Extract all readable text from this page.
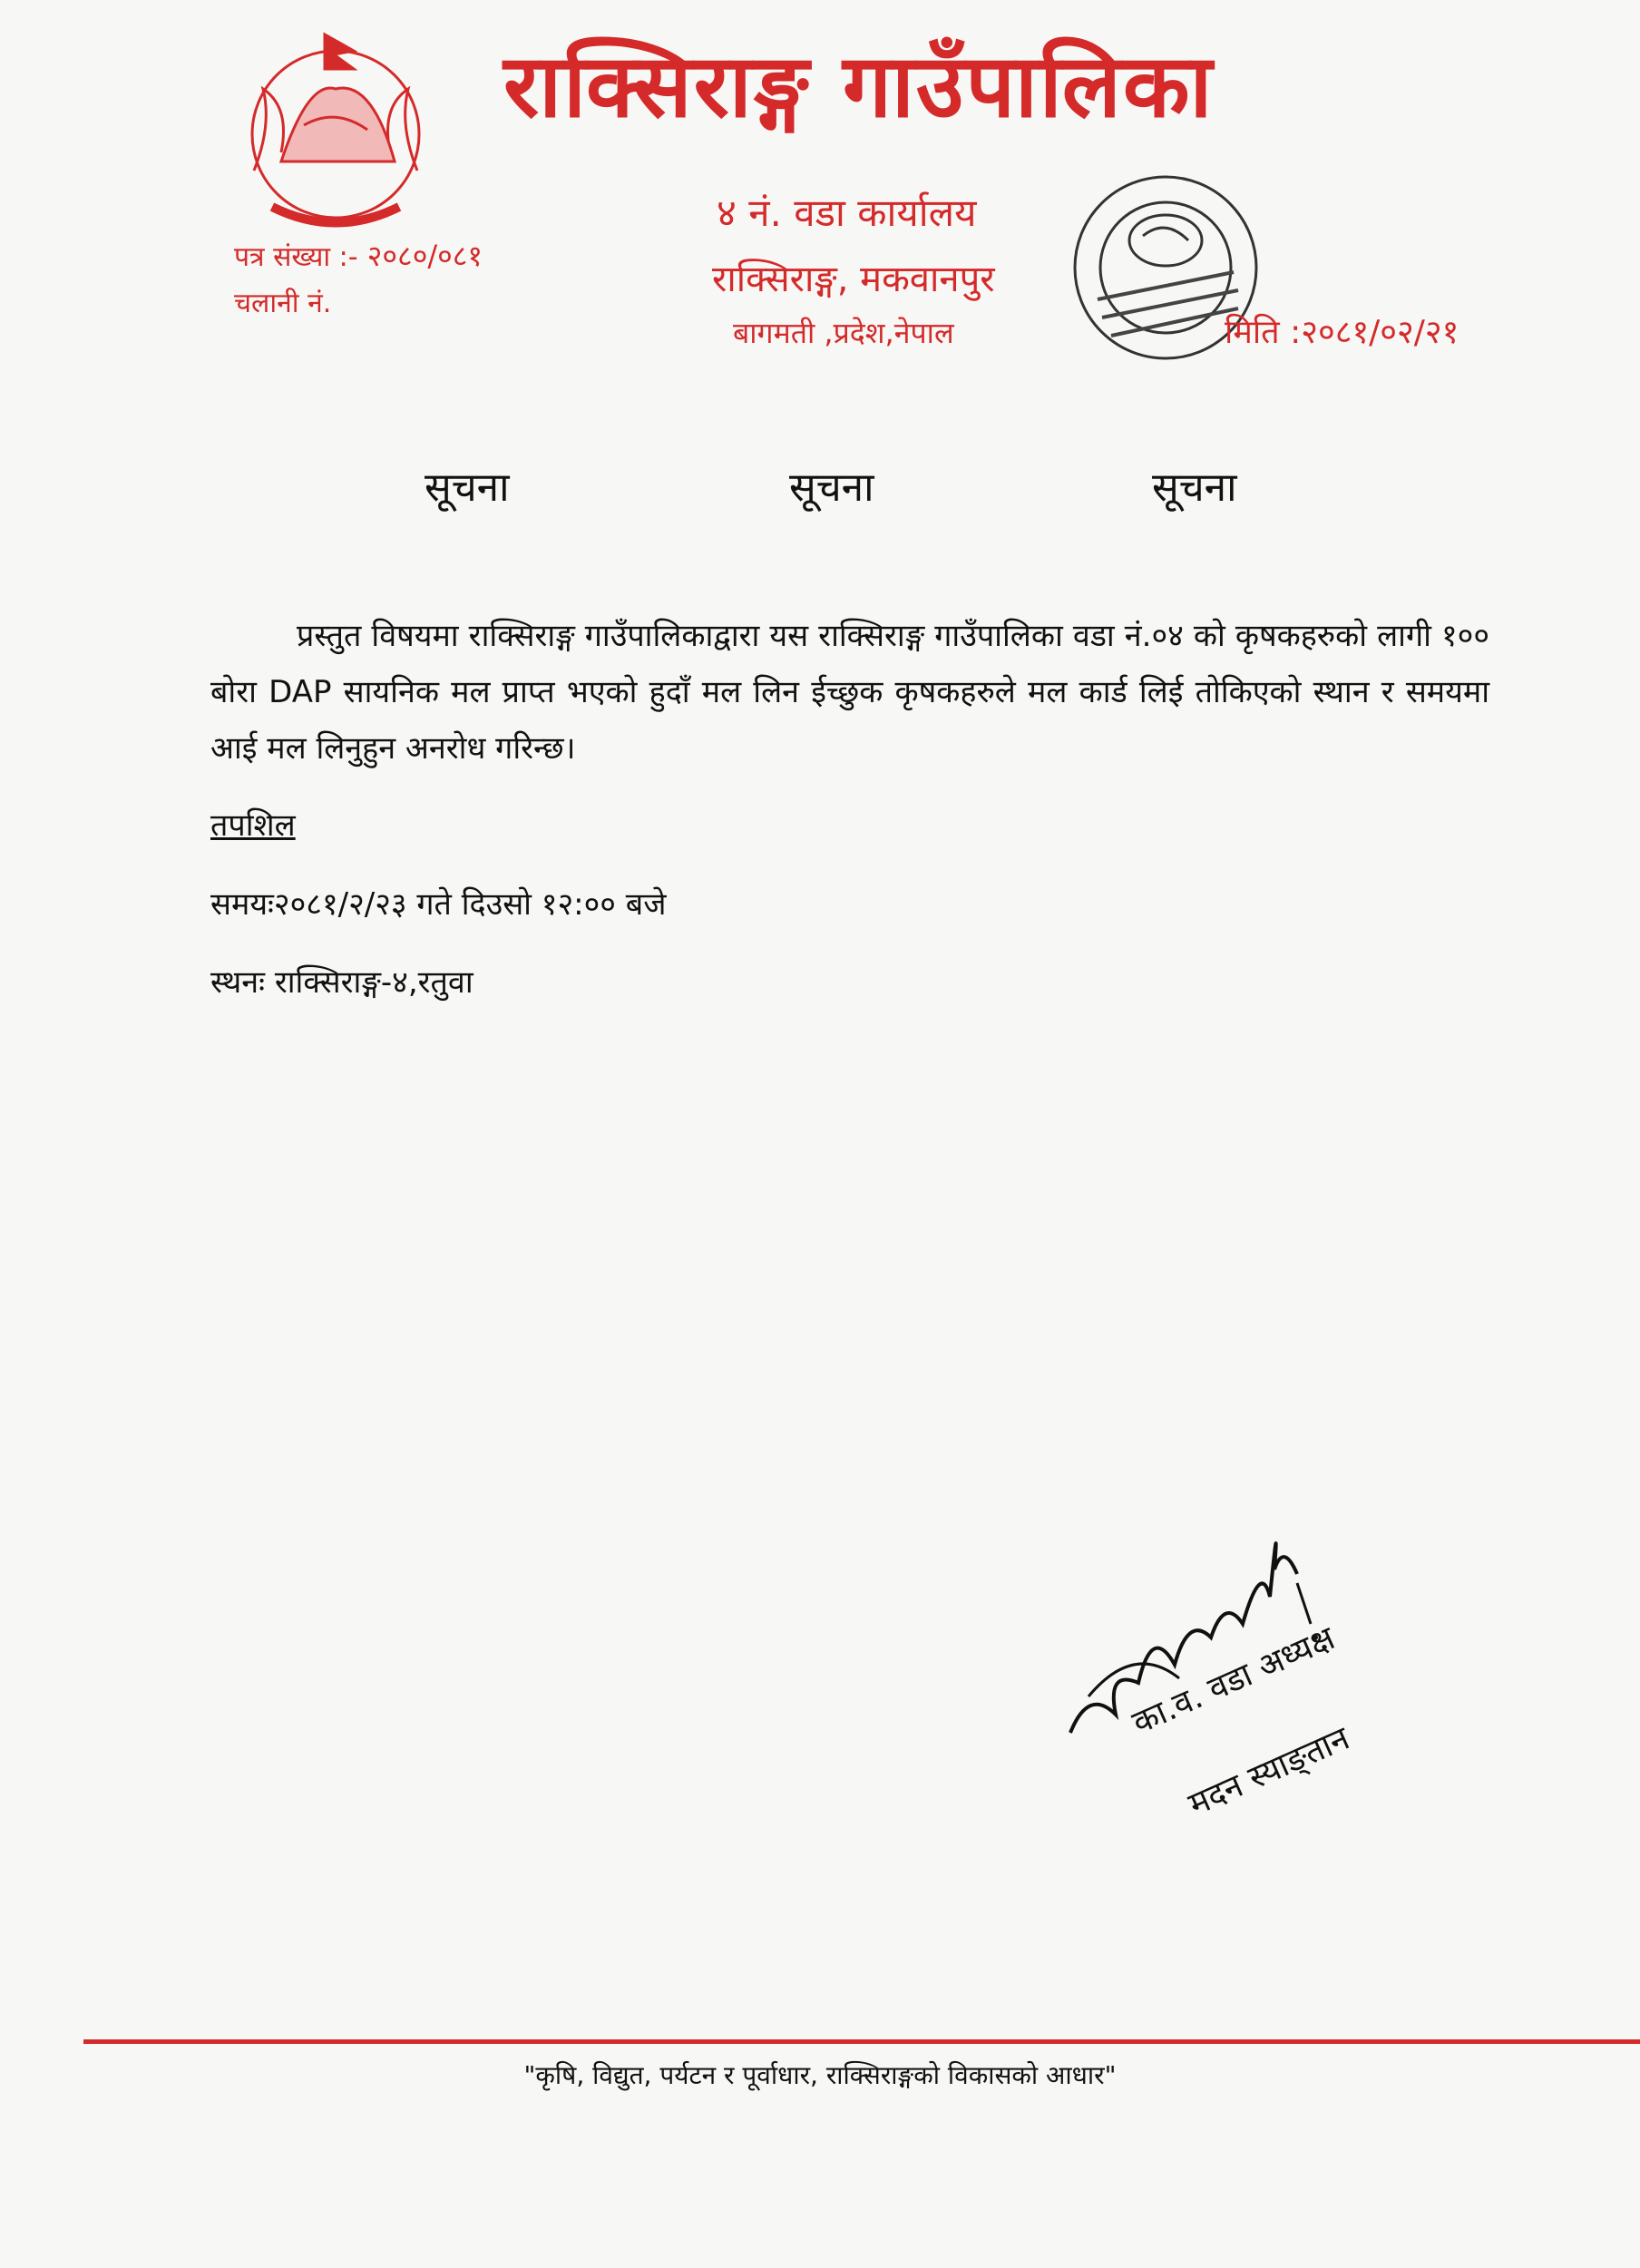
राक्सिराङ्ग गाउँपालिका
४ नं. वडा कार्यालय
राक्सिराङ्ग, मकवानपुर
बागमती ,प्रदेश,नेपाल
पत्र संख्या :- २०८०/०८१
चलानी नं.
मिति :२०८१/०२/२१
सूचना	सूचना	सूचना

प्रस्तुत विषयमा राक्सिराङ्ग गाउँपालिकाद्वारा यस राक्सिराङ्ग गाउँपालिका वडा नं.०४ को कृषकहरुको लागी १०० बोरा DAP सायनिक मल प्राप्त भएको हुदाँ मल लिन ईच्छुक कृषकहरुले मल कार्ड लिई तोकिएको स्थान र समयमा आई मल लिनुहुन अनरोध गरिन्छ।

तपशिल
समयः२०८१/२/२३ गते दिउसो १२:०० बजे
स्थनः राक्सिराङ्ग-४,रतुवा
का.व. वडा अध्यक्ष
मदन स्याङ्तान
"कृषि, विद्युत, पर्यटन र पूर्वाधार, राक्सिराङ्गको विकासको आधार"
